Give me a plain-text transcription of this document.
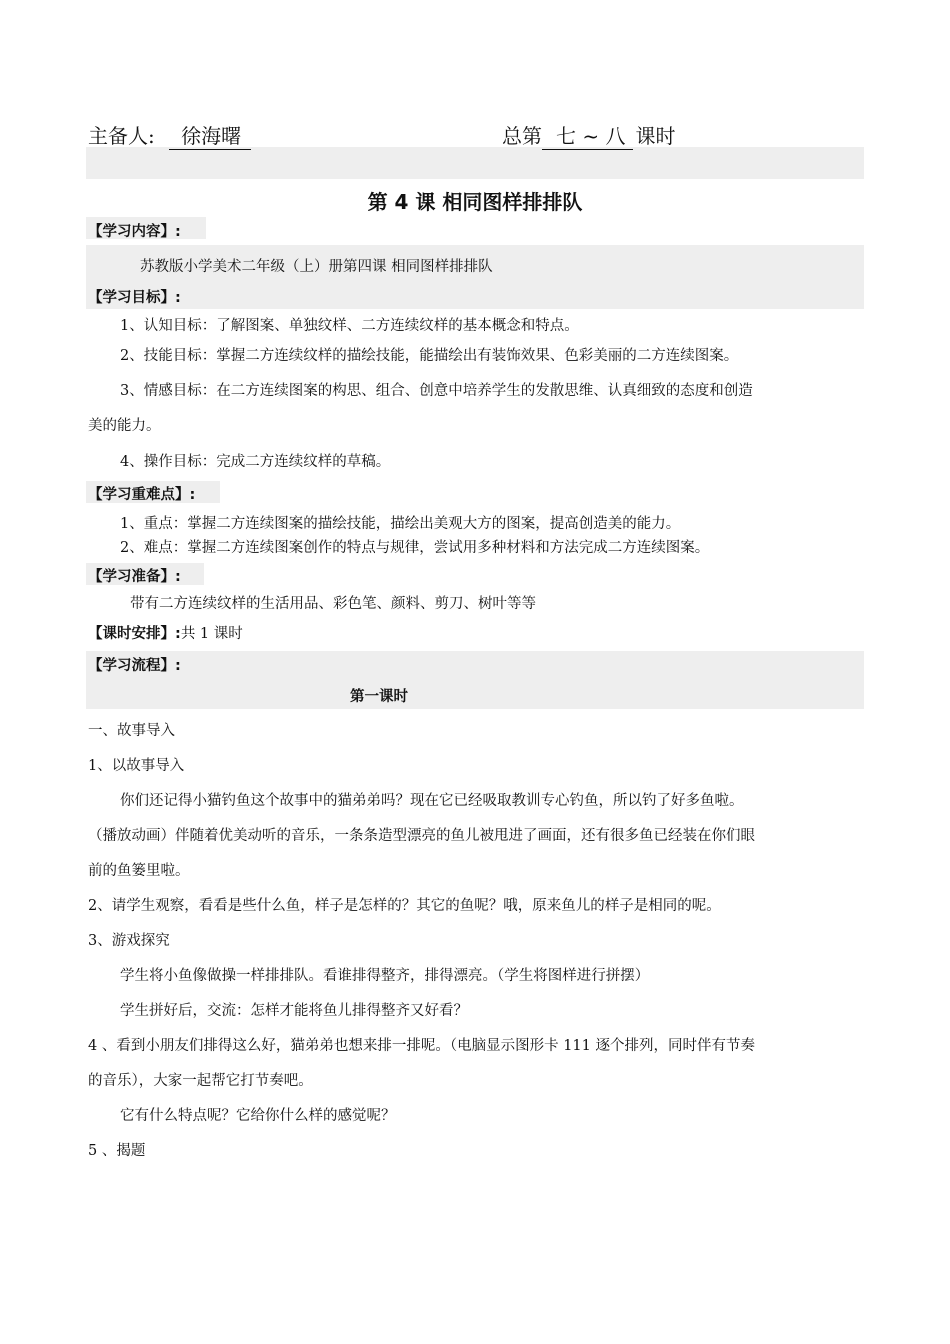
主备人: 徐海曙	总第 七 ~ 八 课时
第 4 课 相同图样排排队
【学习内容】:
苏教版小学美术二年级（上）册第四课 相同图样排排队
【学习目标】:
1、认知目标：了解图案、单独纹样、二方连续纹样的基本概念和特点。
2、技能目标：掌握二方连续纹样的描绘技能，能描绘出有装饰效果、色彩美丽的二方连续图案。
3、情感目标：在二方连续图案的构思、组合、创意中培养学生的发散思维、认真细致的态度和创造
美的能力。
4、操作目标：完成二方连续纹样的草稿。
【学习重难点】:
1、重点：掌握二方连续图案的描绘技能，描绘出美观大方的图案，提高创造美的能力。
2、难点：掌握二方连续图案创作的特点与规律，尝试用多种材料和方法完成二方连续图案。
【学习准备】:
带有二方连续纹样的生活用品、彩色笔、颜料、剪刀、树叶等等
【课时安排】:共 1 课时
【学习流程】:
第一课时
一、故事导入
1、以故事导入
你们还记得小猫钓鱼这个故事中的猫弟弟吗？现在它已经吸取教训专心钓鱼，所以钓了好多鱼啦。
（播放动画）伴随着优美动听的音乐，一条条造型漂亮的鱼儿被甩进了画面，还有很多鱼已经装在你们眼
前的鱼篓里啦。
2、请学生观察，看看是些什么鱼，样子是怎样的？其它的鱼呢？哦，原来鱼儿的样子是相同的呢。
3、游戏探究
学生将小鱼像做操一样排排队。看谁排得整齐，排得漂亮。（学生将图样进行拼摆）
学生拼好后，交流：怎样才能将鱼儿排得整齐又好看？
4 、看到小朋友们排得这么好，猫弟弟也想来排一排呢。（电脑显示图形卡 111 逐个排列，同时伴有节奏
的音乐），大家一起帮它打节奏吧。
它有什么特点呢？它给你什么样的感觉呢？
5 、揭题
